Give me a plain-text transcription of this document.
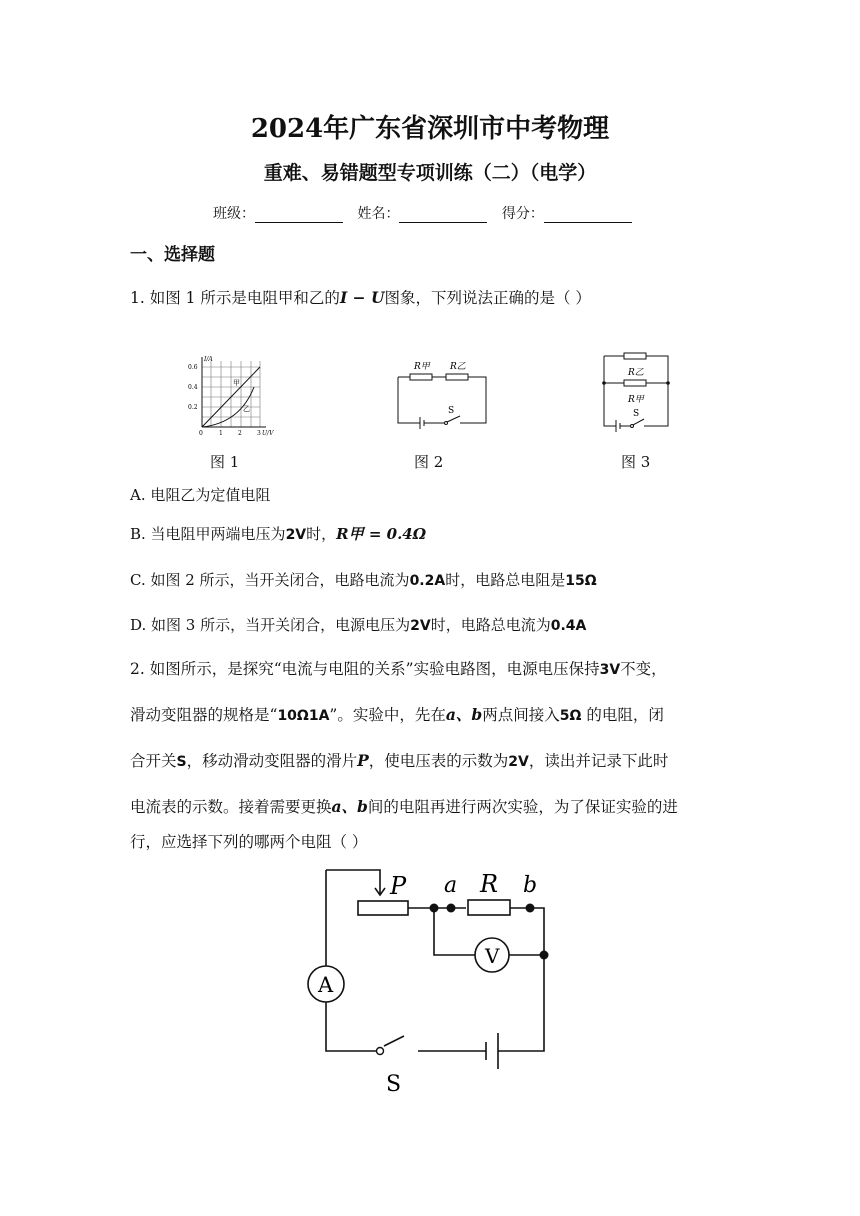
2024年广东省深圳市中考物理
重难、易错题型专项训练（二）（电学）
班级：	姓名：	得分：
一、选择题
1. 如图 1 所示是电阻甲和乙的I − U图象，下列说法正确的是（ ）
I/A
U/V
0.6
0.4
0.2
0	1	2	3
甲
乙
R甲 R乙
S
R乙
R甲
S
图 1	图 2	图 3
A. 电阻乙为定值电阻
B. 当电阻甲两端电压为2V时，R甲 = 0.4Ω
C. 如图 2 所示，当开关闭合，电路电流为0.2A时，电路总电阻是15Ω
D. 如图 3 所示，当开关闭合，电源电压为2V时，电路总电流为0.4A
2. 如图所示，是探究“电流与电阻的关系”实验电路图，电源电压保持3V不变，
滑动变阻器的规格是“10Ω1A”。实验中，先在a、b两点间接入5Ω 的电阻，闭
合开关S，移动滑动变阻器的滑片P，使电压表的示数为2V，读出并记录下此时
电流表的示数。接着需要更换a、b间的电阻再进行两次实验，为了保证实验的进
行，应选择下列的哪两个电阻（ ）
A
V
P a R b
S
